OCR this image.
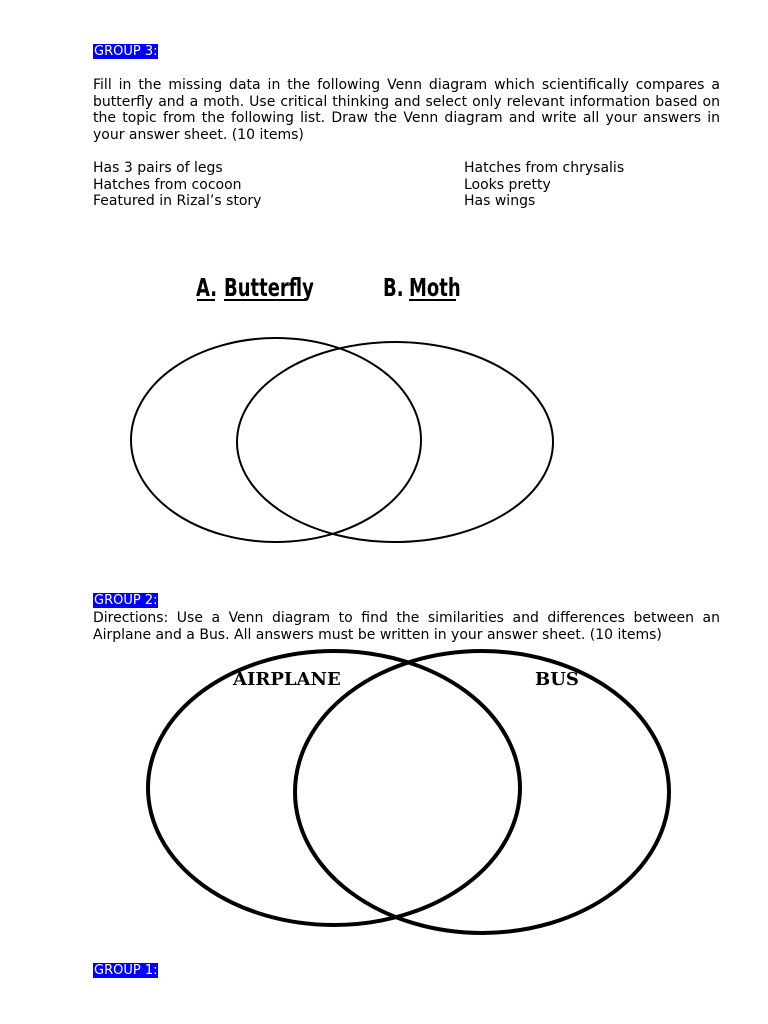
GROUP 3:
Fill in the missing data in the following Venn diagram which scientifically compares a butterfly and a moth. Use critical thinking and select only relevant information based on the topic from the following list. Draw the Venn diagram and write all your answers in your answer sheet. (10 items)
Has 3 pairs of legs
Hatches from cocoon
Featured in Rizal’s story
Hatches from chrysalis
Looks pretty
Has wings
A. Butterfly	B. Moth
AIRPLANE	BUS
GROUP 2:
Directions: Use a Venn diagram to find the similarities and differences between an Airplane and a Bus. All answers must be written in your answer sheet. (10 items)
GROUP 1:
